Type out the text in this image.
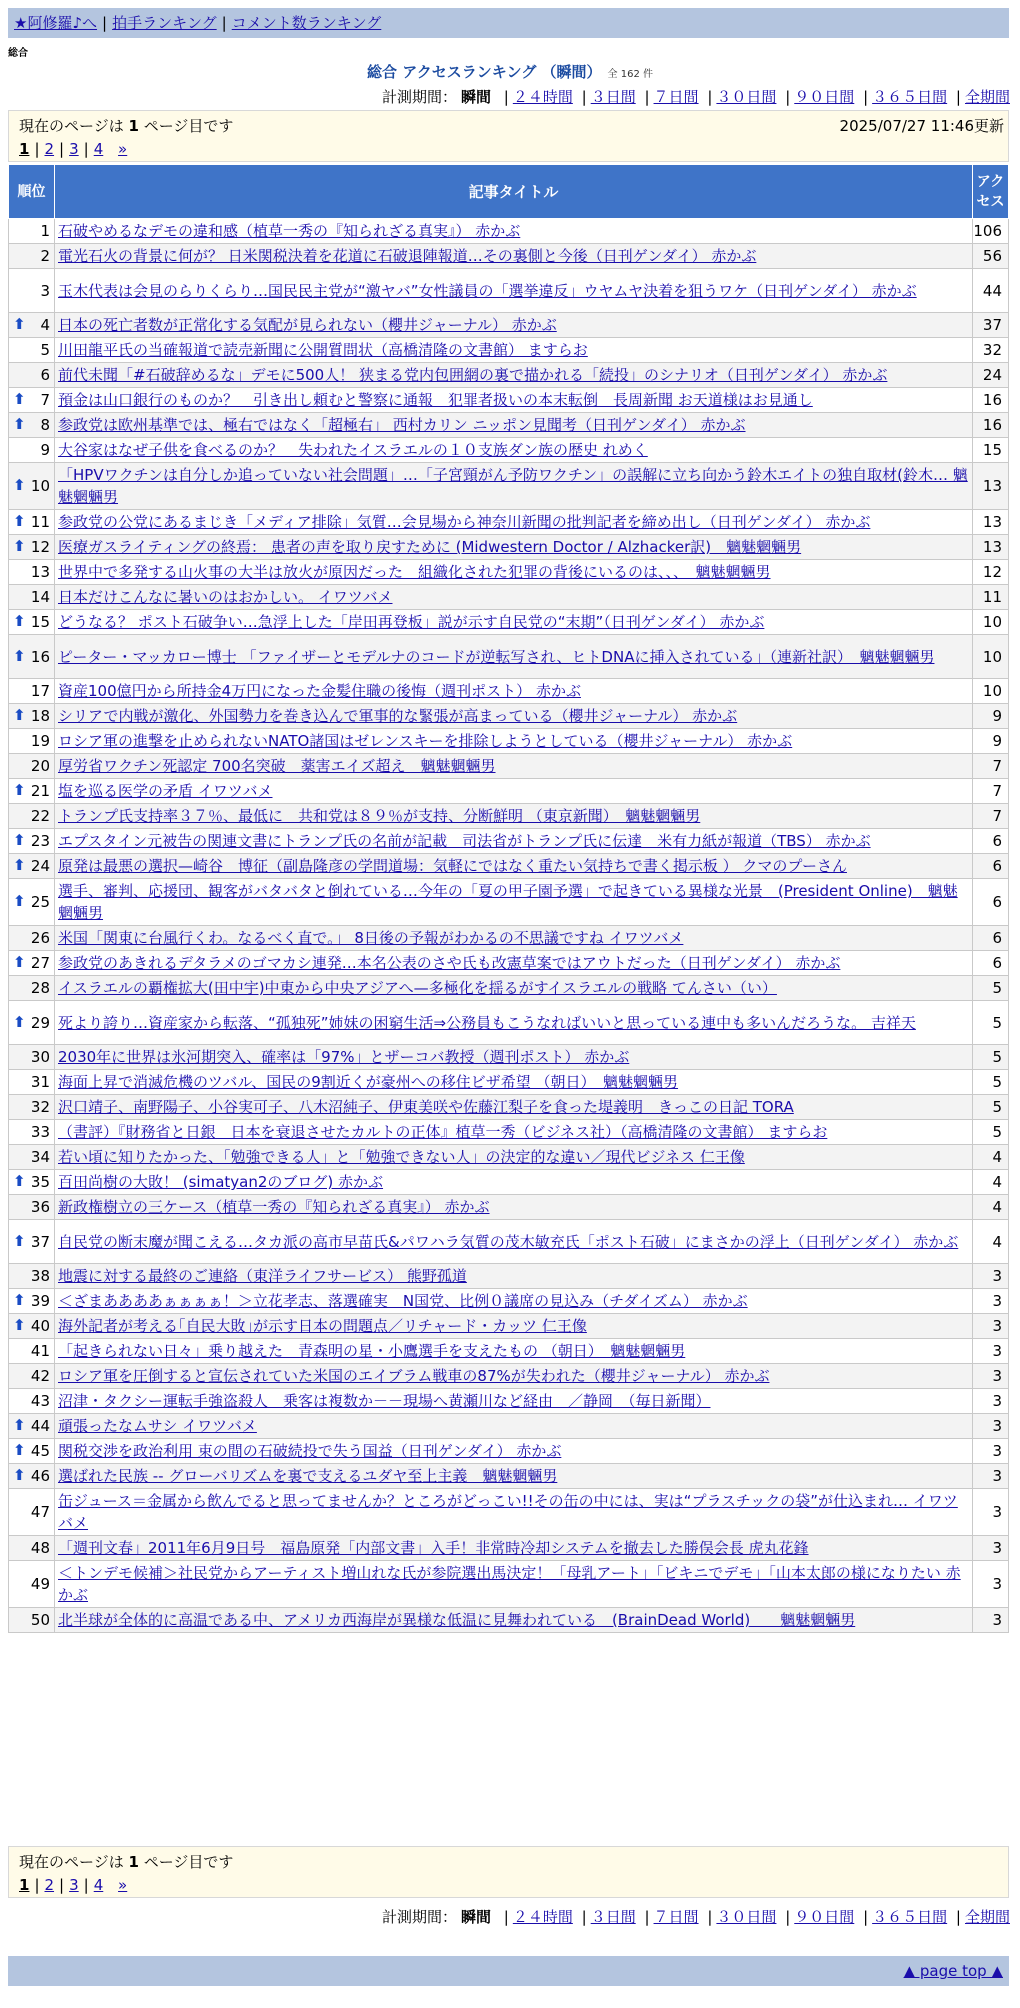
★阿修羅♪へ | 拍手ランキング | コメント数ランキング
総合
総合 アクセスランキング （瞬間） 全 162 件
計測期間： 瞬間 | ２４時間 | ３日間 | ７日間 | ３０日間 | ９０日間 | ３６５日間 | 全期間
現在のページは 1 ページ目です	2025/07/27 11:46更新
1 | 2 | 3 | 4 »
順位	記事タイトル	アクセス
1	石破やめるなデモの違和感（植草一秀の『知られざる真実』） 赤かぶ	106
2	電光石火の背景に何が？ 日米関税決着を花道に石破退陣報道…その裏側と今後（日刊ゲンダイ） 赤かぶ	56
3	玉木代表は会見のらりくらり…国民民主党が“激ヤバ”女性議員の「選挙違反」ウヤムヤ決着を狙うワケ（日刊ゲンダイ） 赤かぶ	44

⬆ 4	日本の死亡者数が正常化する気配が見られない（櫻井ジャーナル） 赤かぶ	37
5	川田龍平氏の当確報道で読売新聞に公開質問状（高橋清隆の文書館） ますらお	32
6	前代未聞「#石破辞めるな」デモに500人！ 狭まる党内包囲網の裏で描かれる「続投」のシナリオ（日刊ゲンダイ） 赤かぶ	24

⬆ 7	預金は山口銀行のものか？　引き出し頼むと警察に通報　犯罪者扱いの本末転倒　長周新聞 お天道様はお見通し	16

⬆ 8	参政党は欧州基準では、極右ではなく「超極右」 西村カリン ニッポン見聞考（日刊ゲンダイ） 赤かぶ	16
9	大谷家はなぜ子供を食べるのか？　失われたイスラエルの１０支族ダン族の歴史 れめく	15

⬆ 10	「HPVワクチンは自分しか追っていない社会問題」…「子宮頸がん予防ワクチン」の誤解に立ち向かう鈴木エイトの独自取材(鈴木… 魑魅魍魎男	13

⬆ 11	参政党の公党にあるまじき「メディア排除」気質…会見場から神奈川新聞の批判記者を締め出し（日刊ゲンダイ） 赤かぶ	13

⬆ 12	医療ガスライティングの終焉： 患者の声を取り戻すために (Midwestern Doctor / Alzhacker訳)　魑魅魍魎男	13
13	世界中で多発する山火事の大半は放火が原因だった　組織化された犯罪の背後にいるのは、、、　魑魅魍魎男	12
14	日本だけこんなに暑いのはおかしい。 イワツバメ	11

⬆ 15	どうなる？ ポスト石破争い…急浮上した「岸田再登板」説が示す自民党の“末期”（日刊ゲンダイ） 赤かぶ	10

⬆ 16	ピーター・マッカロー博士 「ファイザーとモデルナのコードが逆転写され、ヒトDNAに挿入されている」（連新社訳）　魑魅魍魎男	10
17	資産100億円から所持金4万円になった金髪住職の後悔（週刊ポスト） 赤かぶ	10

⬆ 18	シリアで内戦が激化、外国勢力を巻き込んで軍事的な緊張が高まっている（櫻井ジャーナル） 赤かぶ	9
19	ロシア軍の進撃を止められないNATO諸国はゼレンスキーを排除しようとしている（櫻井ジャーナル） 赤かぶ	9
20	厚労省ワクチン死認定 700名突破　薬害エイズ超え　魑魅魍魎男	7

⬆ 21	塩を巡る医学の矛盾 イワツバメ	7
22	トランプ氏支持率３７％、最低に　共和党は８９％が支持、分断鮮明 （東京新聞）　魑魅魍魎男	7

⬆ 23	エプスタイン元被告の関連文書にトランプ氏の名前が記載　司法省がトランプ氏に伝達　米有力紙が報道（TBS） 赤かぶ	6

⬆ 24	原発は最悪の選択—崎谷　博征（副島隆彦の学問道場：気軽にではなく重たい気持ちで書く掲示板 ） クマのプーさん	6

⬆ 25	選手、審判、応援団、観客がバタバタと倒れている…今年の「夏の甲子園予選」で起きている異様な光景　(President Online)　魑魅魍魎男	6
26	米国「関東に台風行くわ。なるべく直で。」 8日後の予報がわかるの不思議ですね イワツバメ	6

⬆ 27	参政党のあきれるデタラメのゴマカシ連発…本名公表のさや氏も改憲草案ではアウトだった（日刊ゲンダイ） 赤かぶ	6
28	イスラエルの覇権拡大(田中宇)中東から中央アジアへ—多極化を揺るがすイスラエルの戦略 てんさい（い）	5

⬆ 29	死より誇り…資産家から転落、“孤独死”姉妹の困窮生活⇒公務員もこうなればいいと思っている連中も多いんだろうな。 吉祥天	5
30	2030年に世界は氷河期突入、確率は「97%」とザーコバ教授（週刊ポスト） 赤かぶ	5
31	海面上昇で消滅危機のツバル、国民の9割近くが豪州への移住ビザ希望 （朝日）　魑魅魍魎男	5
32	沢口靖子、南野陽子、小谷実可子、八木沼純子、伊東美咲や佐藤江梨子を食った堤義明　きっこの日記 TORA	5
33	（書評）『財務省と日銀　日本を衰退させたカルトの正体』植草一秀（ビジネス社）（高橋清隆の文書館） ますらお	5
34	若い頃に知りたかった、「勉強できる人」と「勉強できない人」の決定的な違い／現代ビジネス 仁王像	4

⬆ 35	百田尚樹の大敗！ (simatyan2のブログ) 赤かぶ	4
36	新政権樹立の三ケース（植草一秀の『知られざる真実』） 赤かぶ	4

⬆ 37	自民党の断末魔が聞こえる…タカ派の高市早苗氏&パワハラ気質の茂木敏充氏「ポスト石破」にまさかの浮上（日刊ゲンダイ） 赤かぶ	4
38	地震に対する最終のご連絡（東洋ライフサービス） 熊野孤道	3

⬆ 39	＜ざまああああぁぁぁぁ！＞立花孝志、落選確実　N国党、比例０議席の見込み（チダイズム） 赤かぶ	3

⬆ 40	海外記者が考える｢自民大敗｣が示す日本の問題点／リチャード・カッツ 仁王像	3
41	「起きられない日々」乗り越えた　青森明の星・小鷹選手を支えたもの （朝日）　魑魅魍魎男	3
42	ロシア軍を圧倒すると宣伝されていた米国のエイブラム戦車の87%が失われた（櫻井ジャーナル） 赤かぶ	3
43	沼津・タクシー運転手強盗殺人　乗客は複数か－－現場へ黄瀬川など経由　／静岡　（毎日新聞）	3

⬆ 44	頑張ったなムサシ イワツバメ	3

⬆ 45	関税交渉を政治利用 束の間の石破続投で失う国益（日刊ゲンダイ） 赤かぶ	3

⬆ 46	選ばれた民族 -- グローバリズムを裏で支えるユダヤ至上主義　魑魅魍魎男	3
47	缶ジュース＝金属から飲んでると思ってませんか？ところがどっこい!!その缶の中には、実は“プラスチックの袋”が仕込まれ… イワツバメ	3
48	「週刊文春」2011年6月9日号　福島原発「内部文書」入手！非常時冷却システムを撤去した勝俣会長 虎丸花鋒	3
49	＜トンデモ候補＞社民党からアーティスト増山れな氏が参院選出馬決定！「母乳アート」「ビキニでデモ」「山本太郎の様になりたい 赤かぶ	3
50	北半球が全体的に高温である中、アメリカ西海岸が異様な低温に見舞われている　(BrainDead World)　　魑魅魍魎男	3
現在のページは 1 ページ目です
1 | 2 | 3 | 4 »
計測期間： 瞬間 | ２４時間 | ３日間 | ７日間 | ３０日間 | ９０日間 | ３６５日間 | 全期間
▲ page top ▲
